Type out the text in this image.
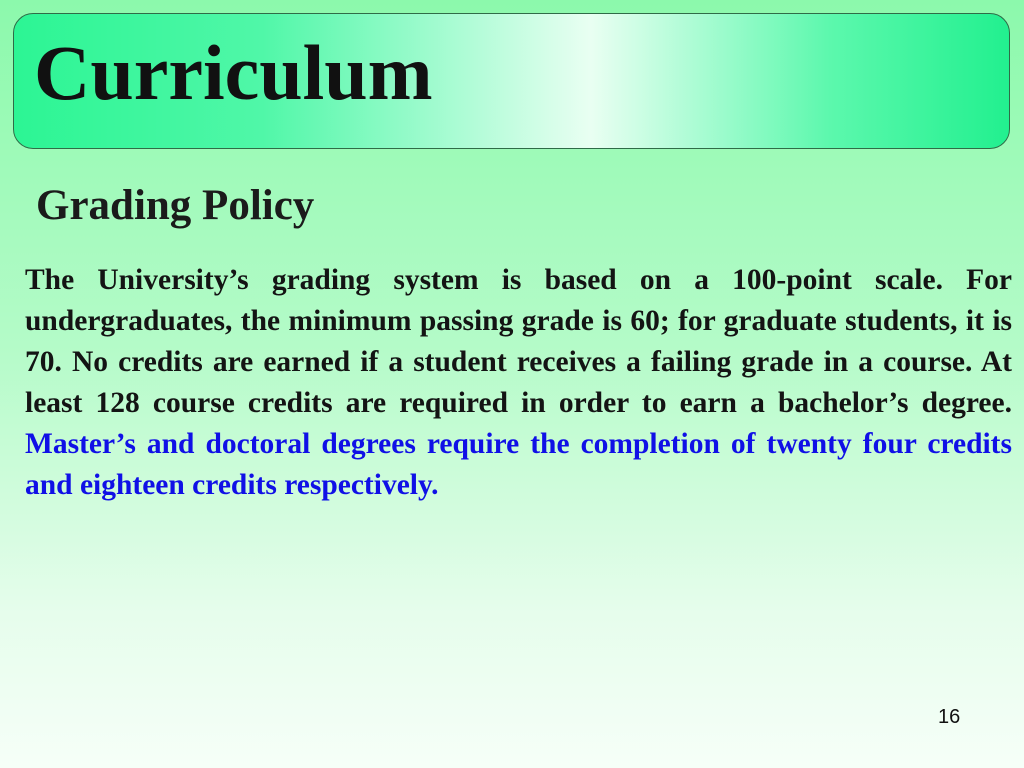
Curriculum
Grading Policy

The University’s grading system is based on a 100-point scale. For undergraduates, the minimum passing grade is 60; for graduate students, it is 70. No credits are earned if a student receives a failing grade in a course. At least 128 course credits are required in order to earn a bachelor’s degree. Master’s and doctoral degrees require the completion of twenty four credits and eighteen credits respectively.

16
